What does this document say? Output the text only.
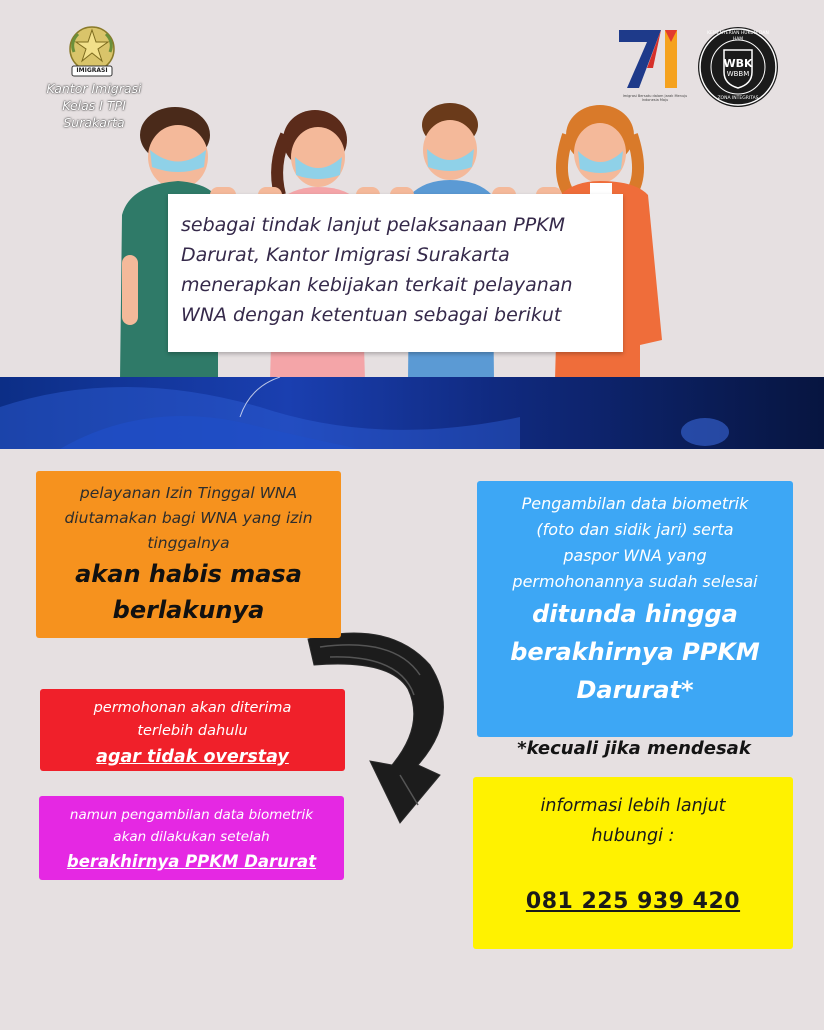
IMIGRASI
Kantor Imigrasi
Kelas I TPI
Surakarta
Imigrasi Bersatu dalam Jarak Menuju Indonesia Maju
WBK
WBBM
KEMENTERIAN HUKUM DAN HAM
ZONA INTEGRITAS
sebagai tindak lanjut pelaksanaan PPKM
Darurat, Kantor Imigrasi Surakarta
menerapkan kebijakan terkait pelayanan
WNA dengan ketentuan sebagai berikut
pelayanan Izin Tinggal WNA
diutamakan bagi WNA yang izin
tinggalnya
akan habis masa
berlakunya
permohonan akan diterima
terlebih dahulu
agar tidak overstay
namun pengambilan data biometrik
akan dilakukan setelah
berakhirnya PPKM Darurat
Pengambilan data biometrik
(foto dan sidik jari) serta
paspor WNA yang
permohonannya sudah selesai
ditunda hingga
berakhirnya PPKM
Darurat*
*kecuali jika mendesak
informasi lebih lanjut
hubungi :
081 225 939 420
